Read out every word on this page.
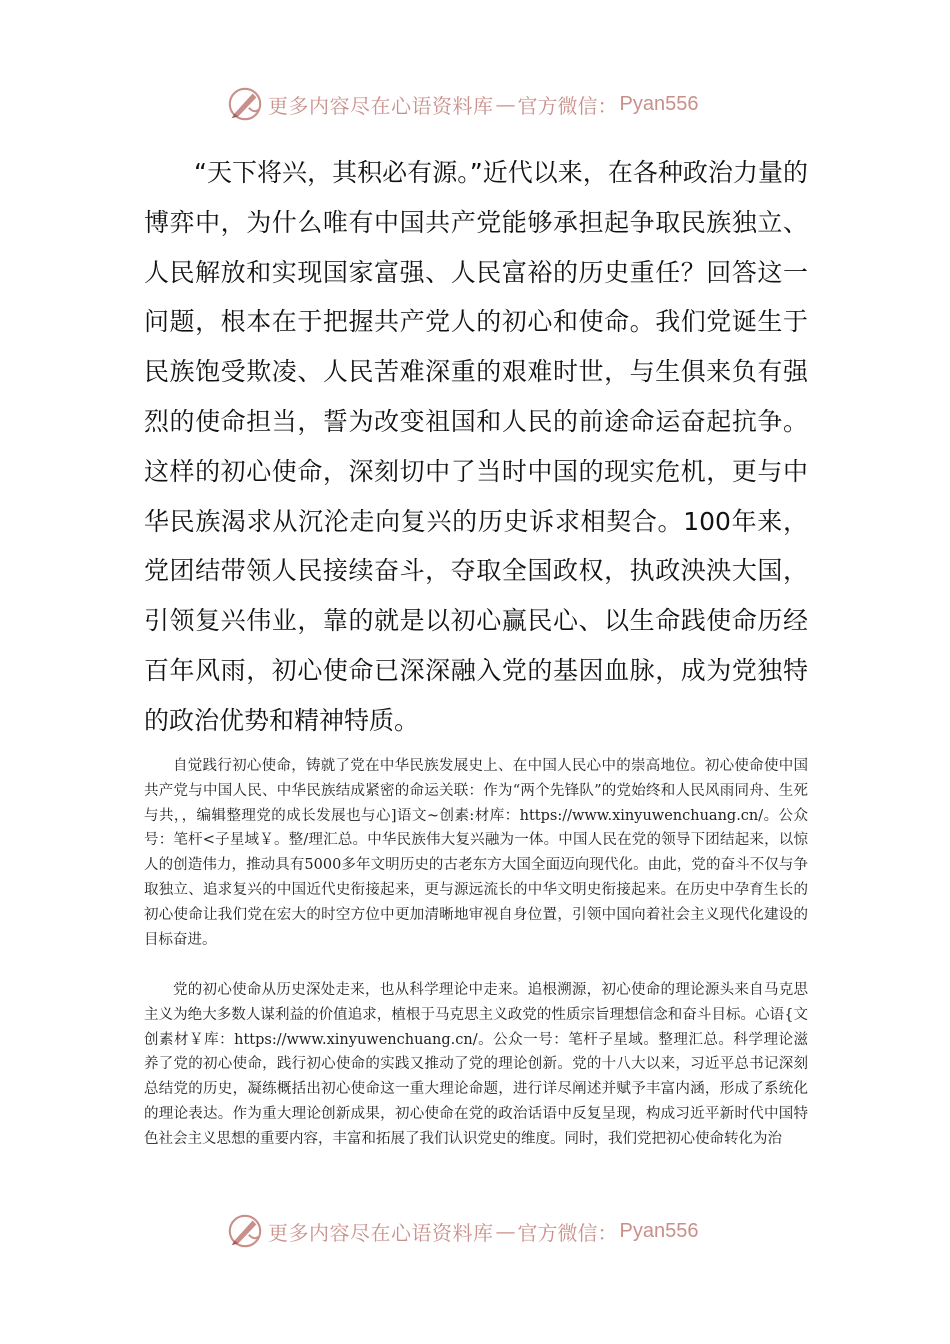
更多内容尽在心语资料库 — 官方微信： Pyan556

“天下将兴，其积必有源。”近代以来，在各种政治力量的博弈中，为什么唯有中国共产党能够承担起争取民族独立、人民解放和实现国家富强、人民富裕的历史重任？回答这一问题，根本在于把握共产党人的初心和使命。我们党诞生于民族饱受欺凌、人民苦难深重的艰难时世，与生俱来负有强烈的使命担当，誓为改变祖国和人民的前途命运奋起抗争。这样的初心使命，深刻切中了当时中国的现实危机，更与中华民族渴求从沉沦走向复兴的历史诉求相契合。100年来，党团结带领人民接续奋斗，夺取全国政权，执政泱泱大国，引领复兴伟业，靠的就是以初心赢民心、以生命践使命历经百年风雨，初心使命已深深融入党的基因血脉，成为党独特的政治优势和精神特质。

自觉践行初心使命，铸就了党在中华民族发展史上、在中国人民心中的崇高地位。初心使命使中国共产党与中国人民、中华民族结成紧密的命运关联：作为“两个先锋队”的党始终和人民风雨同舟、生死与共，，编辑整理党的成长发展也与心]语文~创素:材库：https://www.xinyuwenchuang.cn/。公众号：笔杆<子星域￥。整/理汇总。中华民族伟大复兴融为一体。中国人民在党的领导下团结起来，以惊人的创造伟力，推动具有5000多年文明历史的古老东方大国全面迈向现代化。由此，党的奋斗不仅与争取独立、追求复兴的中国近代史衔接起来，更与源远流长的中华文明史衔接起来。在历史中孕育生长的初心使命让我们党在宏大的时空方位中更加清晰地审视自身位置，引领中国向着社会主义现代化建设的目标奋进。

党的初心使命从历史深处走来，也从科学理论中走来。追根溯源，初心使命的理论源头来自马克思主义为绝大多数人谋利益的价值追求，植根于马克思主义政党的性质宗旨理想信念和奋斗目标。心语{文创素材￥库：https://www.xinyuwenchuang.cn/。公众一号：笔杆子星域。整理汇总。科学理论滋养了党的初心使命，践行初心使命的实践又推动了党的理论创新。党的十八大以来，习近平总书记深刻总结党的历史，凝练概括出初心使命这一重大理论命题，进行详尽阐述并赋予丰富内涵，形成了系统化的理论表达。作为重大理论创新成果，初心使命在党的政治话语中反复呈现，构成习近平新时代中国特色社会主义思想的重要内容，丰富和拓展了我们认识党史的维度。同时，我们党把初心使命转化为治

更多内容尽在心语资料库 — 官方微信： Pyan556
